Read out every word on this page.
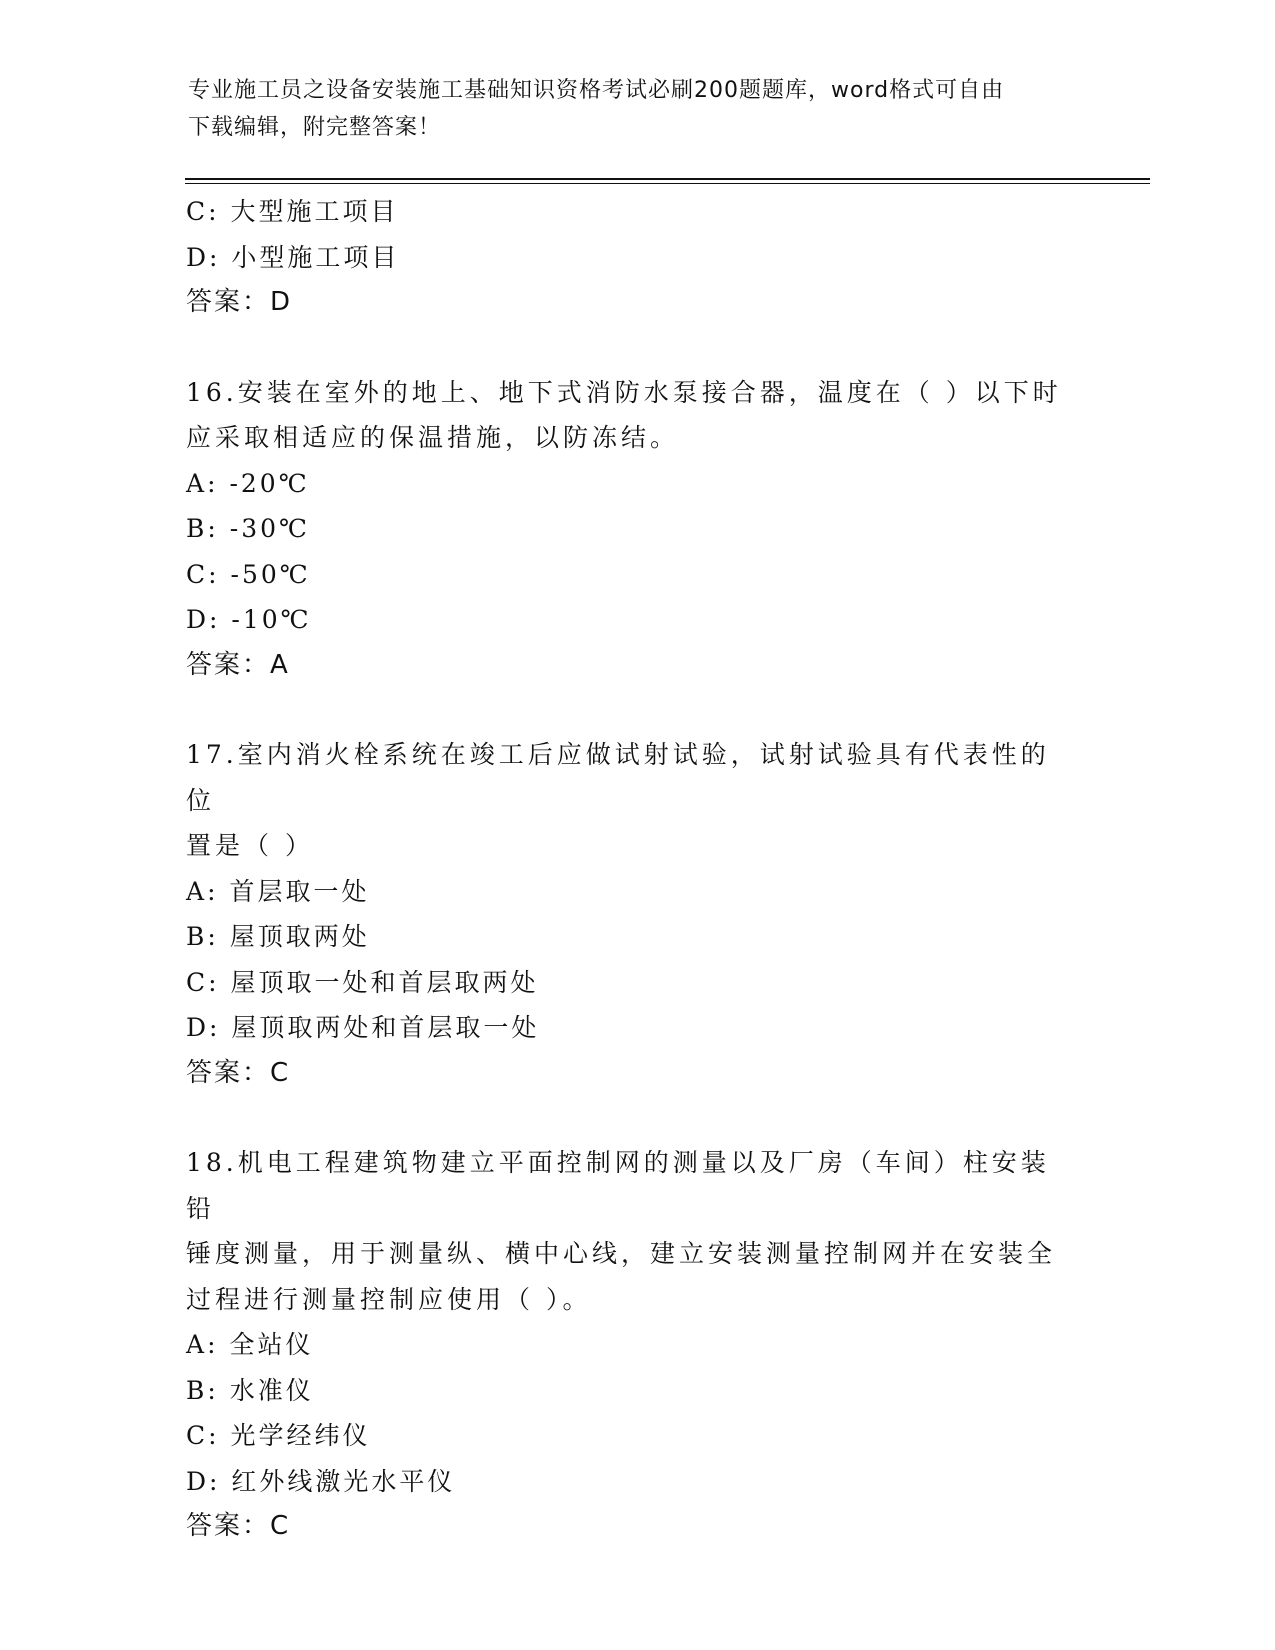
专业施工员之设备安装施工基础知识资格考试必刷200题题库，word格式可自由
下载编辑，附完整答案！
C: 大型施工项目
D: 小型施工项目
答案：D
16.安装在室外的地上、地下式消防水泵接合器，温度在（ ）以下时
应采取相适应的保温措施，以防冻结。
A: -20℃
B: -30℃
C: -50℃
D: -10℃
答案：A
17.室内消火栓系统在竣工后应做试射试验，试射试验具有代表性的位
置是（ ）
A: 首层取一处
B: 屋顶取两处
C: 屋顶取一处和首层取两处
D: 屋顶取两处和首层取一处
答案：C
18.机电工程建筑物建立平面控制网的测量以及厂房（车间）柱安装铅
锤度测量，用于测量纵、横中心线，建立安装测量控制网并在安装全
过程进行测量控制应使用（ ）。
A: 全站仪
B: 水准仪
C: 光学经纬仪
D: 红外线激光水平仪
答案：C
